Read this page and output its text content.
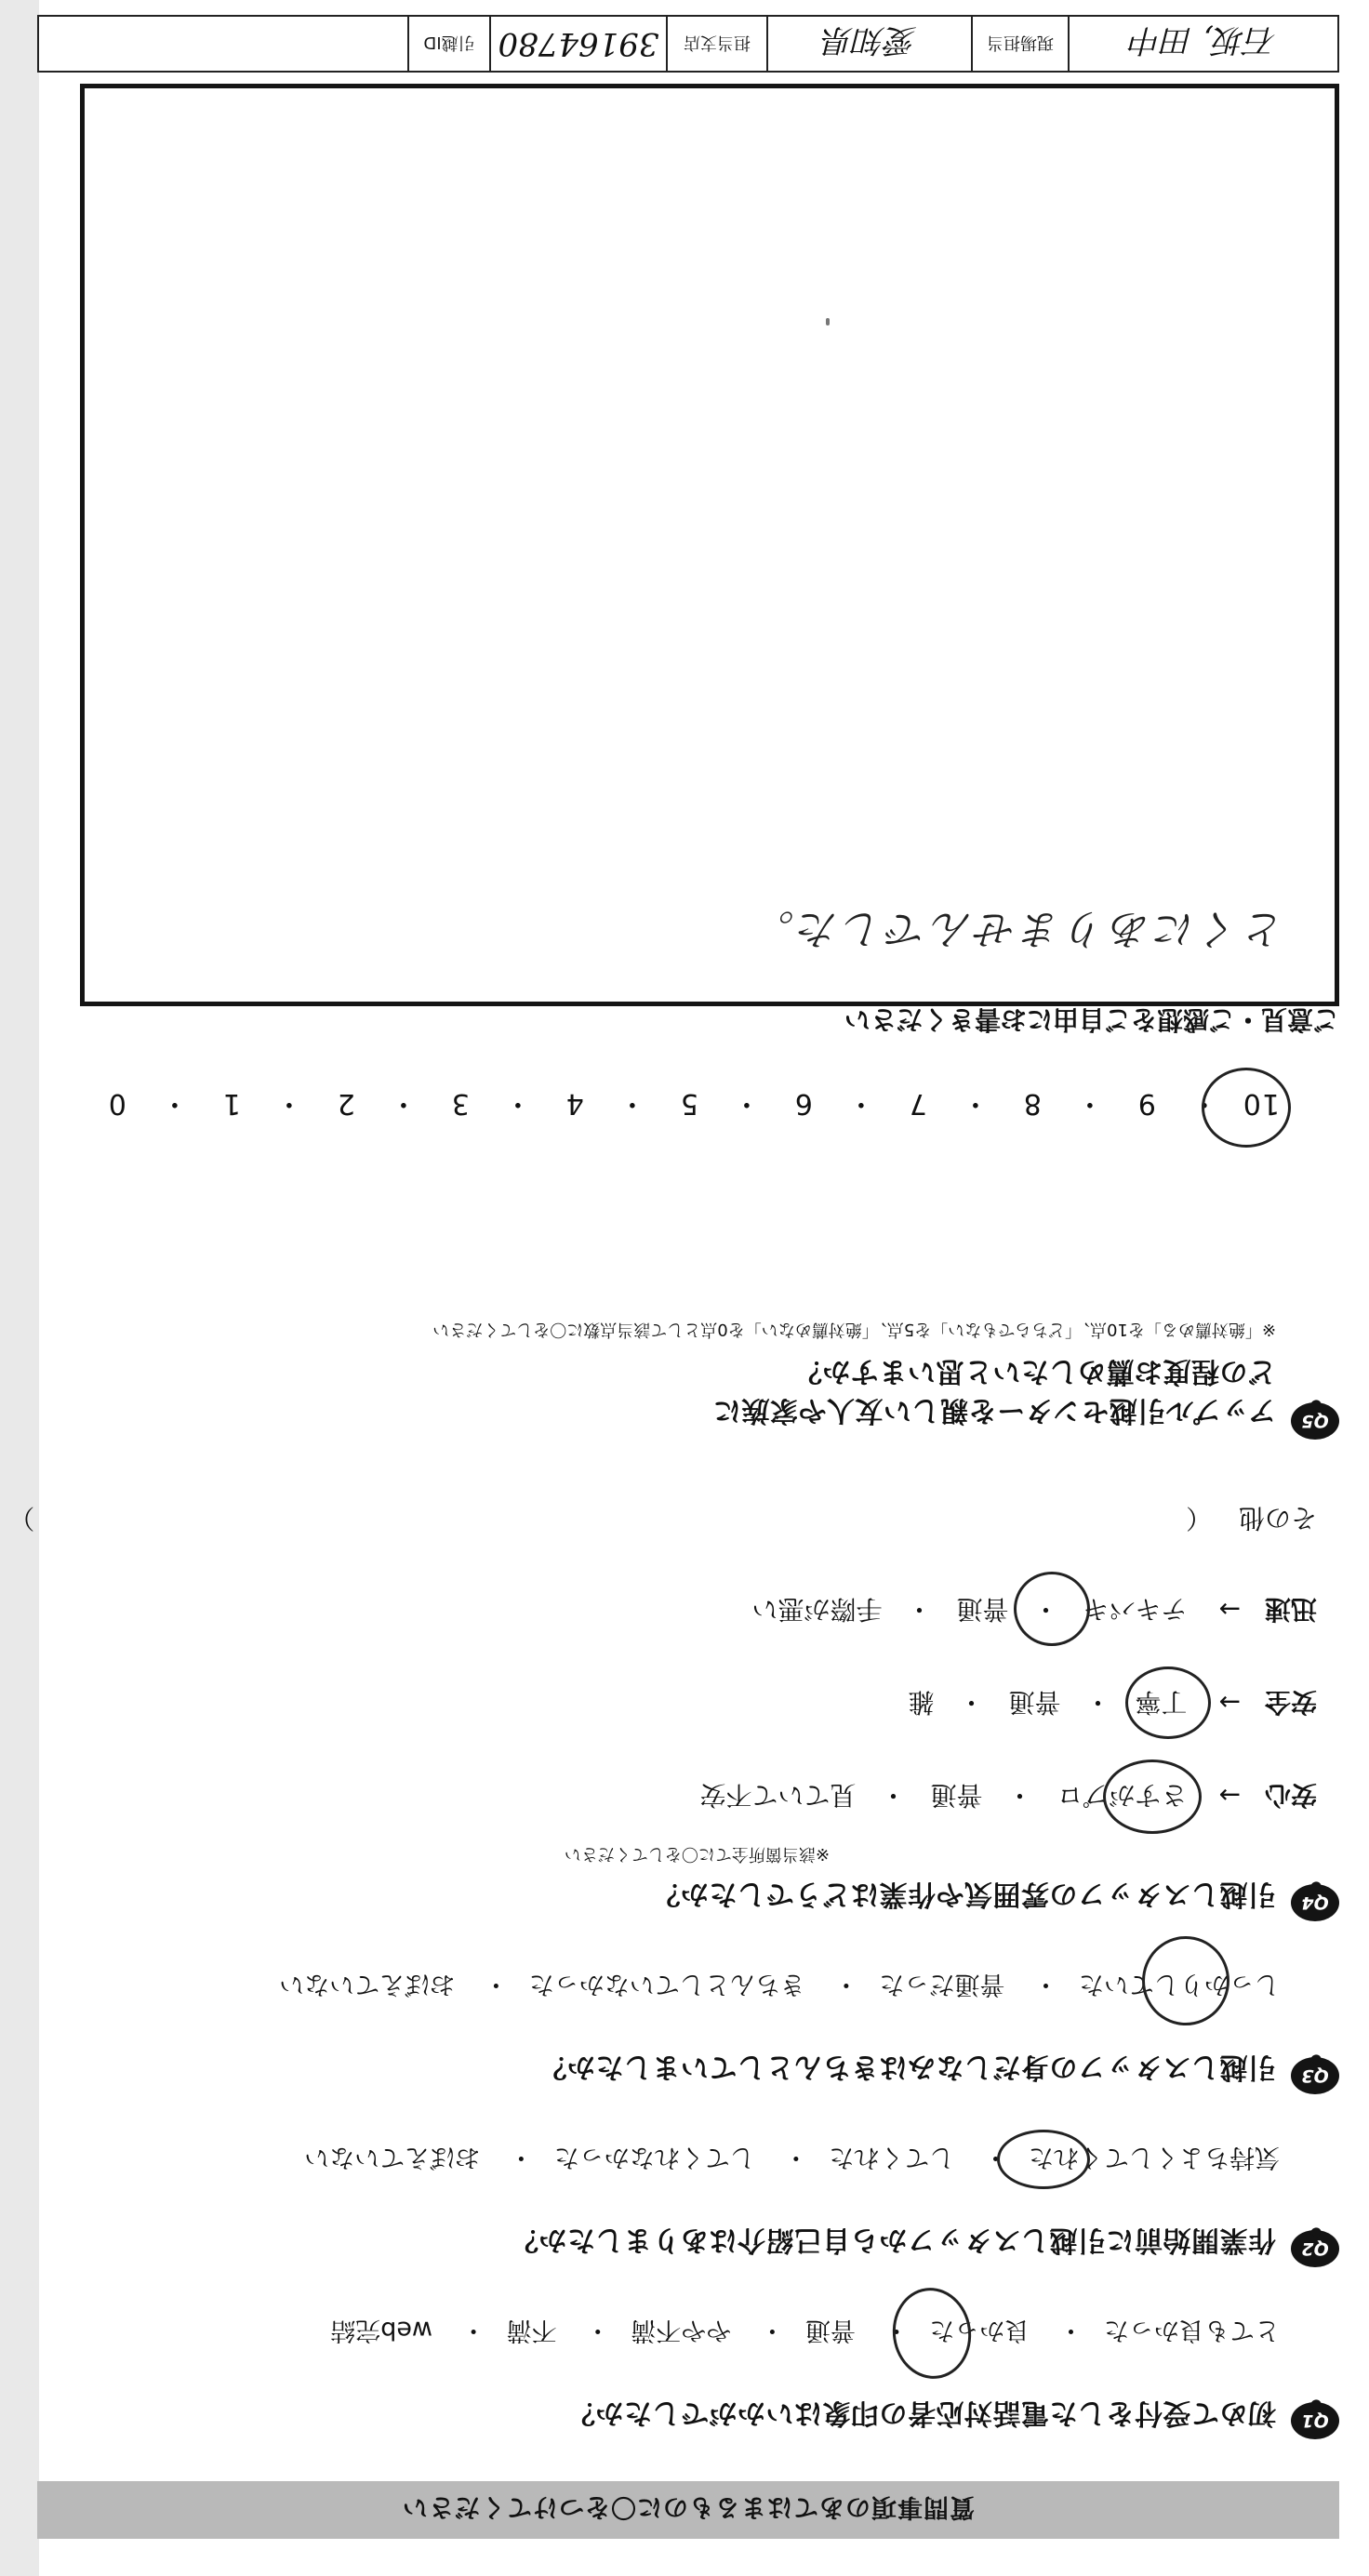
質問事項のあてはまるものに〇をつけてください
Q1
初めて受付をした電話対応者の印象はいかがでしたか？
とても良かった・ 良かった・ 普通・ やや不満・ 不満・ web完結
Q2
作業開始前に引越しスタッフから自己紹介はありましたか？
気持ちよくしてくれた・ してくれた・ してくれなかった・ おぼえていない
Q3
引越しスタッフの身だしなみはきちんとしていましたか？
しっかりしていた・ 普通だった・ きちんとしていなかった・ おぼえていない
Q4
引越しスタッフの雰囲気や作業はどうでしたか？
※該当箇所全てに〇をしてください
安心→さすがプロ・普通・見ていて不安
安全→丁寧・普通・雑
迅速→テキパキ・普通・手際が悪い
その他 （  ）
Q5
アップル引越センターを親しい友人や家族に
どの程度お薦めしたいと思いますか？
※「絶対薦める」を10点、「どちらでもない」を5点、「絶対薦めない」を0点として該当点数に〇をしてください
10・9・8・7・6・5・4・3・2・1・0
ご意見・ご感想をご自由にお書きください
とくにありませんでした。
石坂, 田中
現場担当
愛知県
担当支店
39164780
引越ID
